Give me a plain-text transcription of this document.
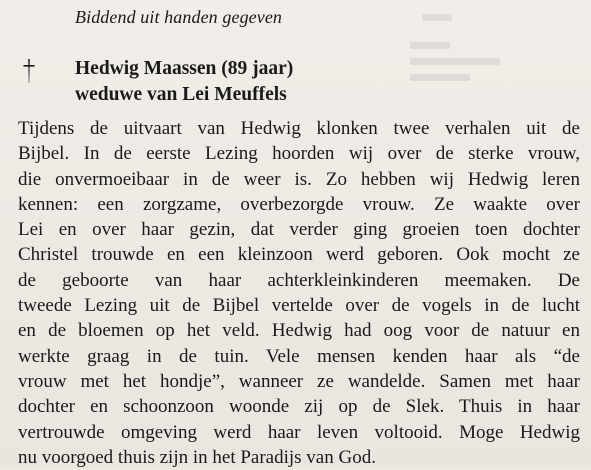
Biddend uit handen gegeven
Hedwig Maassen (89 jaar)
weduwe van Lei Meuffels
Tijdens de uitvaart van Hedwig klonken twee verhalen uit de
Bijbel. In de eerste Lezing hoorden wij over de sterke vrouw,
die onvermoeibaar in de weer is. Zo hebben wij Hedwig leren
kennen: een zorgzame, overbezorgde vrouw. Ze waakte over
Lei en over haar gezin, dat verder ging groeien toen dochter
Christel trouwde en een kleinzoon werd geboren. Ook mocht ze
de geboorte van haar achterkleinkinderen meemaken. De
tweede Lezing uit de Bijbel vertelde over de vogels in de lucht
en de bloemen op het veld. Hedwig had oog voor de natuur en
werkte graag in de tuin. Vele mensen kenden haar als “de
vrouw met het hondje”, wanneer ze wandelde. Samen met haar
dochter en schoonzoon woonde zij op de Slek. Thuis in haar
vertrouwde omgeving werd haar leven voltooid. Moge Hedwig
nu voorgoed thuis zijn in het Paradijs van God.
